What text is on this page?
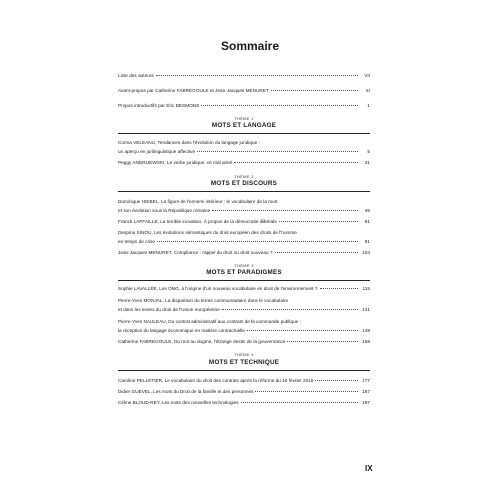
Sommaire
Liste des auteurs	VII
Avant-propos par Catherine FABREGOULE et Jean-Jacques MENURET	XI
Propos introductifs par Éric DESMONS	1
THÈME 1
MOTS ET LANGAGE
Corina VELEANU, Tendances dans l'évolution du langage juridique :
un aperçu en jurilinguistique affective	5
Peggy ANDRIJEWSKI, Le verbe juridique, ce mal aimé	31
THÈME 2
MOTS ET DISCOURS
Dominique HIEBEL, La figure de l'ennemi intérieur : le vocabulaire de la mort
et son évolution sous la République romaine	45
Franck LAFFAILLE, La terrible inovation. À propos de la démocratie illibérale	61
Despina SINOU, Les évolutions sémantiques du droit européen des droits de l'homme
en temps de crise	81
Jean-Jacques MENURET, Compliance : rappel du droit ou droit nouveau ?	103
THÈME 3
MOTS ET PARADIGMES
Sophie LAVALLÉE, Les ONG, à l'origine d'un nouveau vocabulaire en droit de l'environnement ?	115
Pierre-Yves MONJAL, La disparition du terme communautaire dans le vocabulaire
et dans les textes du droit de l'Union européenne	131
Pierre-Yves NAULEAU, Du contrat administratif aux contrats de la commande publique :
la réception du langage économique en matière contractuelle	149
Catherine FABREGOULE, Du mot au dogme, l'étrange destin de la gouvernance	159
THÈME 4
MOTS ET TECHNIQUE
Caroline PELLETIER, Le vocabulaire du droit des contrats après la réforme du 10 février 2016	177
Didier GUÉVEL, Les mots du Droit de la famille et des personnes	187
Céline BLOUD-REY, Les mots des nouvelles technologies	197
IX
